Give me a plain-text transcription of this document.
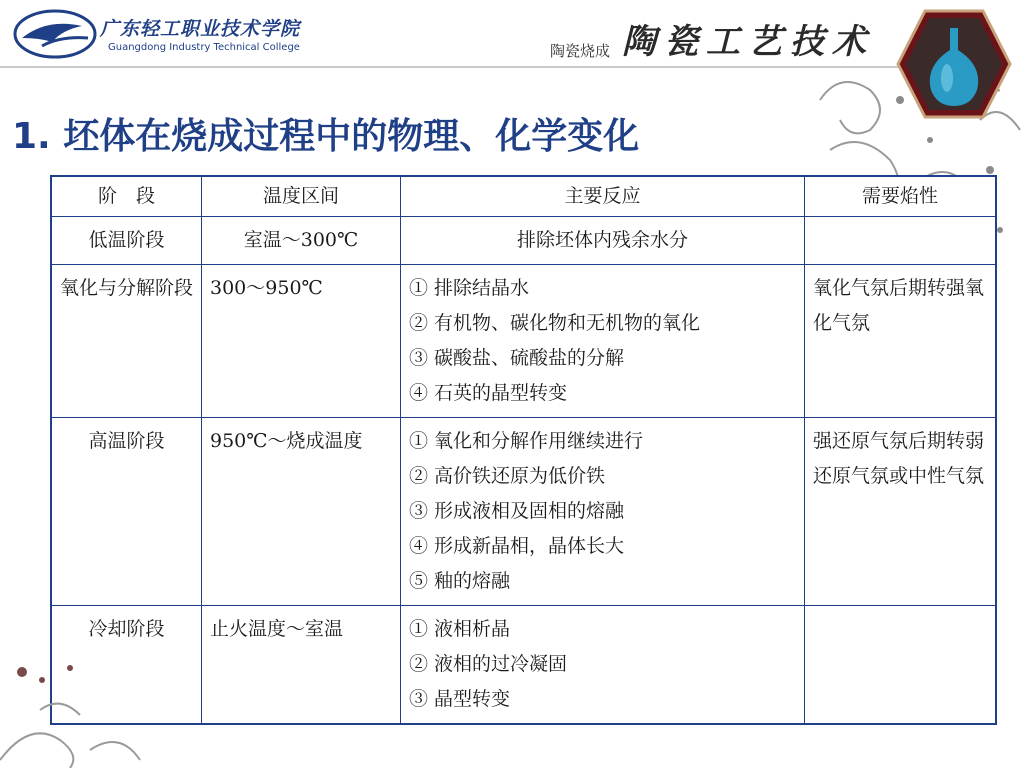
广东轻工职业技术学院
Guangdong Industry Technical College	陶瓷烧成 陶瓷工艺技术
1. 坯体在烧成过程中的物理、化学变化
阶　段	温度区间	主要反应	需要焰性
低温阶段	室温～300℃	排除坯体内残余水分	

氧化与分解阶段	300～950℃	① 排除结晶水
② 有机物、碳化物和无机物的氧化
③ 碳酸盐、硫酸盐的分解
④ 石英的晶型转变	氧化气氛后期转强氧化气氛
高温阶段	950℃～烧成温度	① 氧化和分解作用继续进行
② 高价铁还原为低价铁
③ 形成液相及固相的熔融
④ 形成新晶相，晶体长大
⑤ 釉的熔融	强还原气氛后期转弱还原气氛或中性气氛
冷却阶段	止火温度～室温	① 液相析晶
② 液相的过冷凝固
③ 晶型转变	
